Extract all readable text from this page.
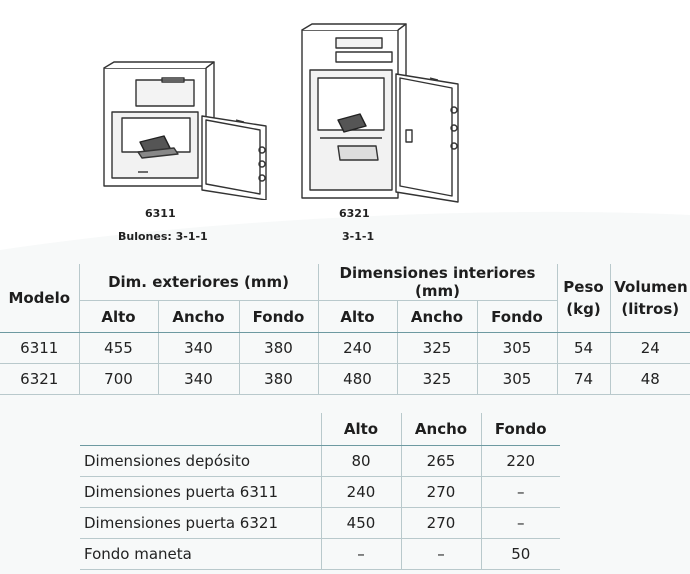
6311
Bulones: 3-1-1
6321
3-1-1
Modelo	Dim. exteriores (mm)			Dimensiones interiores (mm)			Peso (kg)	Volumen (litros)
	Alto	Ancho	Fondo	Alto	Ancho	Fondo		
6311	455	340	380	240	325	305	54	24
6321	700	340	380	480	325	305	74	48
	Alto	Ancho	Fondo
Dimensiones depósito	80	265	220
Dimensiones puerta 6311	240	270	–
Dimensiones puerta 6321	450	270	–
Fondo maneta	–	–	50
